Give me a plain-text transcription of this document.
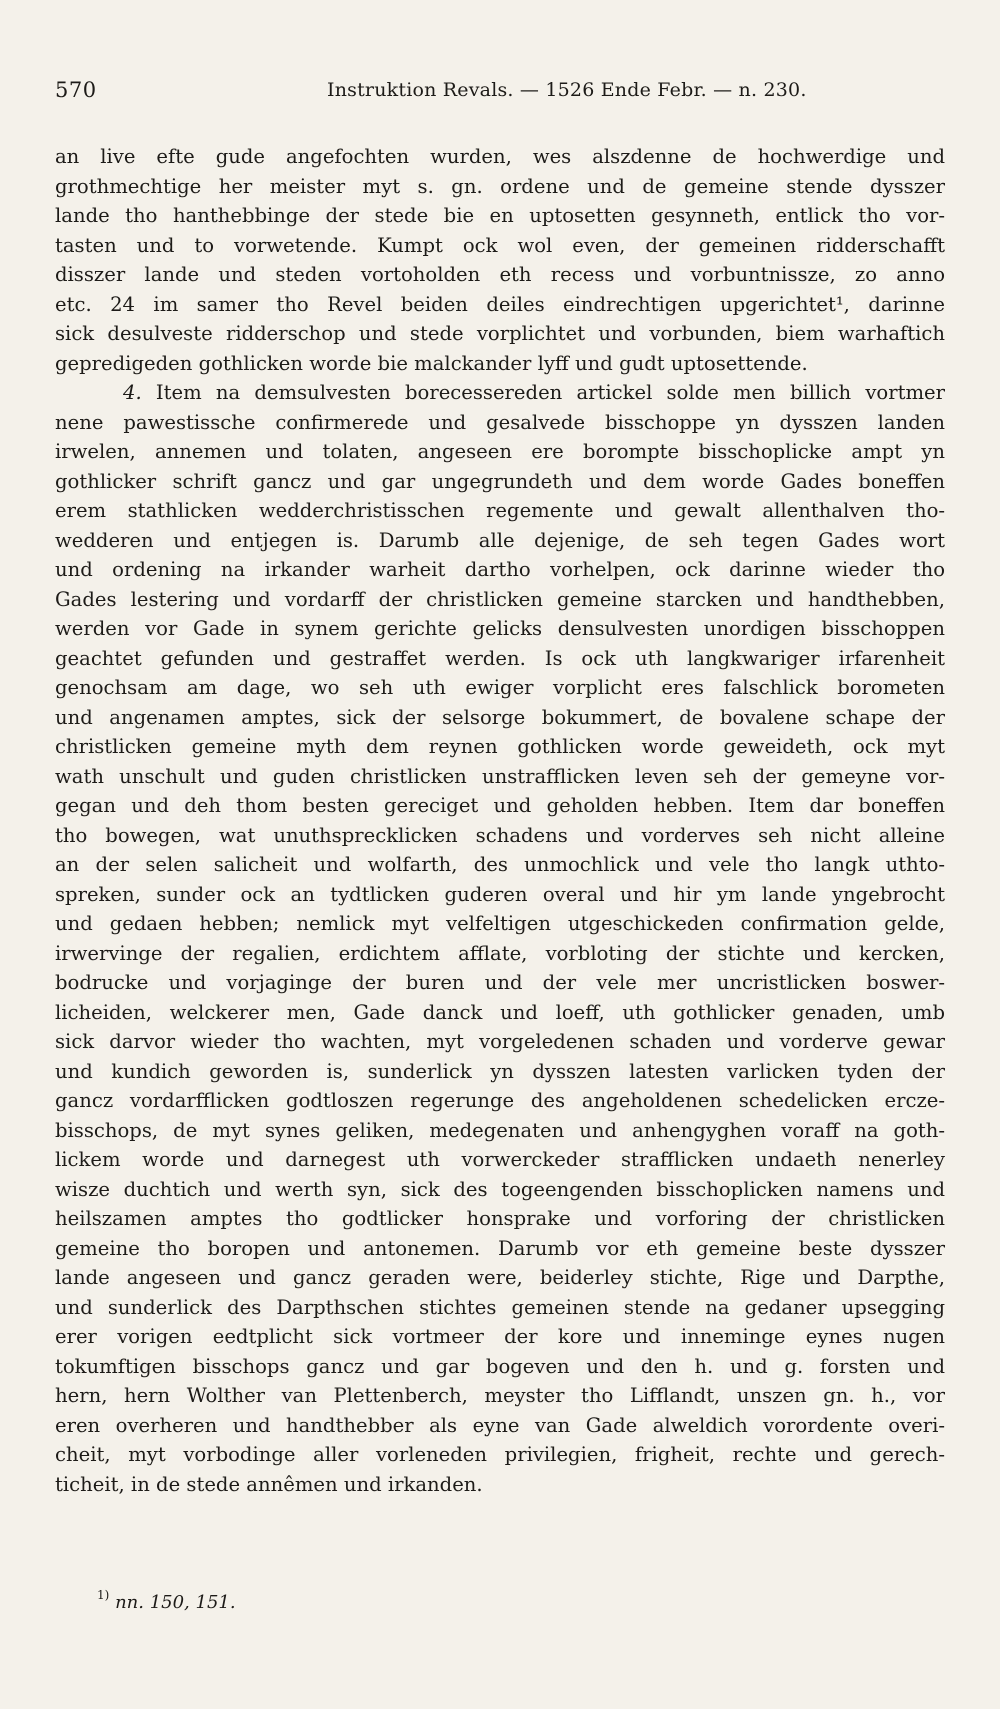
570	Instruktion Revals. — 1526 Ende Febr. — n. 230.
an live efte gude angefochten wurden, wes alszdenne de hochwerdige und
grothmechtige her meister myt s. gn. ordene und de gemeine stende dysszer
lande tho hanthebbinge der stede bie en uptosetten gesynneth, entlick tho vor-
tasten und to vorwetende. Kumpt ock wol even, der gemeinen ridderschafft
disszer lande und steden vortoholden eth recess und vorbuntnissze, zo anno
etc. 24 im samer tho Revel beiden deiles eindrechtigen upgerichtet¹, darinne
sick desulveste ridderschop und stede vorplichtet und vorbunden, biem warhaftich
gepredigeden gothlicken worde bie malckander lyff und gudt uptosettende.
4. Item na demsulvesten borecessereden artickel solde men billich vortmer
nene pawestissche confirmerede und gesalvede bisschoppe yn dysszen landen
irwelen, annemen und tolaten, angeseen ere borompte bisschoplicke ampt yn
gothlicker schrift gancz und gar ungegrundeth und dem worde Gades boneffen
erem stathlicken wedderchristisschen regemente und gewalt allenthalven tho-
wedderen und entjegen is. Darumb alle dejenige, de seh tegen Gades wort
und ordening na irkander warheit dartho vorhelpen, ock darinne wieder tho
Gades lestering und vordarff der christlicken gemeine starcken und handthebben,
werden vor Gade in synem gerichte gelicks densulvesten unordigen bisschoppen
geachtet gefunden und gestraffet werden. Is ock uth langkwariger irfarenheit
genochsam am dage, wo seh uth ewiger vorplicht eres falschlick borometen
und angenamen amptes, sick der selsorge bokummert, de bovalene schape der
christlicken gemeine myth dem reynen gothlicken worde geweideth, ock myt
wath unschult und guden christlicken unstrafflicken leven seh der gemeyne vor-
gegan und deh thom besten gereciget und geholden hebben. Item dar boneffen
tho bowegen, wat unuthsprecklicken schadens und vorderves seh nicht alleine
an der selen salicheit und wolfarth, des unmochlick und vele tho langk uthto-
spreken, sunder ock an tydtlicken guderen overal und hir ym lande yngebrocht
und gedaen hebben; nemlick myt velfeltigen utgeschickeden confirmation gelde,
irwervinge der regalien, erdichtem afflate, vorbloting der stichte und kercken,
bodrucke und vorjaginge der buren und der vele mer uncristlicken boswer-
licheiden, welckerer men, Gade danck und loeff, uth gothlicker genaden, umb
sick darvor wieder tho wachten, myt vorgeledenen schaden und vorderve gewar
und kundich geworden is, sunderlick yn dysszen latesten varlicken tyden der
gancz vordarfflicken godtloszen regerunge des angeholdenen schedelicken ercze-
bisschops, de myt synes geliken, medegenaten und anhengyghen voraff na goth-
lickem worde und darnegest uth vorwerckeder strafflicken undaeth nenerley
wisze duchtich und werth syn, sick des togeengenden bisschoplicken namens und
heilszamen amptes tho godtlicker honsprake und vorforing der christlicken
gemeine tho boropen und antonemen. Darumb vor eth gemeine beste dysszer
lande angeseen und gancz geraden were, beiderley stichte, Rige und Darpthe,
und sunderlick des Darpthschen stichtes gemeinen stende na gedaner upsegging
erer vorigen eedtplicht sick vortmeer der kore und inneminge eynes nugen
tokumftigen bisschops gancz und gar bogeven und den h. und g. forsten und
hern, hern Wolther van Plettenberch, meyster tho Lifflandt, unszen gn. h., vor
eren overheren und handthebber als eyne van Gade alweldich vorordente overi-
cheit, myt vorbodinge aller vorleneden privilegien, frigheit, rechte und gerech-
ticheit, in de stede annêmen und irkanden.
$^{1)}$ nn. 150, 151.
